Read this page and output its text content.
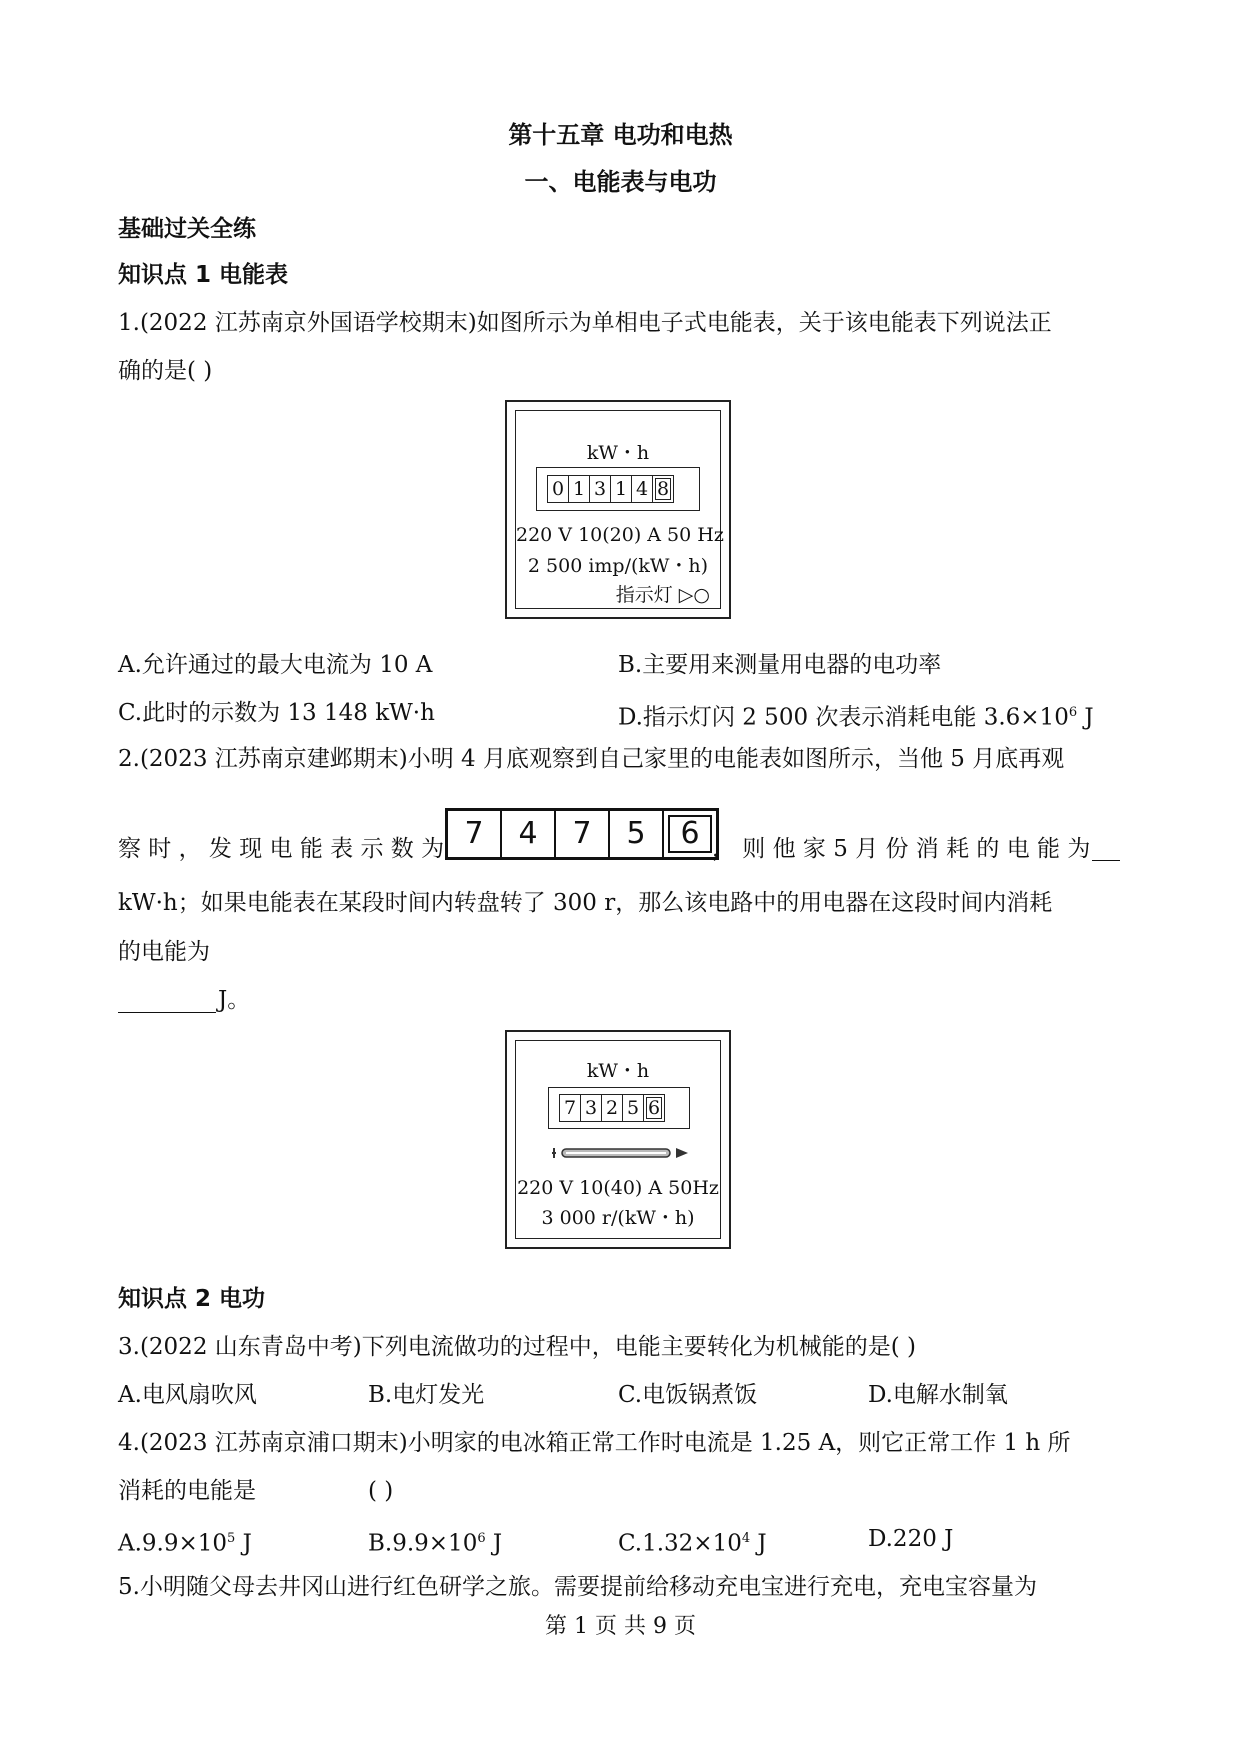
第十五章 电功和电热
一、电能表与电功
基础过关全练
知识点 1 电能表
1.(2022 江苏南京外国语学校期末)如图所示为单相电子式电能表，关于该电能表下列说法正
确的是( )
kW・h
0 1 3 1 4 8
220 V 10(20) A 50 Hz
2 500 imp/(kW・h)
指示灯 ▷○
A.允许通过的最大电流为 10 A	B.主要用来测量用电器的电功率
C.此时的示数为 13 148 kW·h	D.指示灯闪 2 500 次表示消耗电能 $3.6\times 10^6$ J
2.(2023 江苏南京建邺期末)小明 4 月底观察到自己家里的电能表如图所示，当他 5 月底再观
察 时 ， 发 现 电 能 表 示 数 为 7	4	7	5	6 ， 则 他 家 5 月 份 消 耗 的 电 能 为
kW·h；如果电能表在某段时间内转盘转了 300 r，那么该电路中的用电器在这段时间内消耗
的电能为
J。
kW・h
7 3 2 5 6
220 V 10(40) A 50Hz
3 000 r/(kW・h)
知识点 2 电功
3.(2022 山东青岛中考)下列电流做功的过程中，电能主要转化为机械能的是( )
A.电风扇吹风	B.电灯发光	C.电饭锅煮饭	D.电解水制氧
4.(2023 江苏南京浦口期末)小明家的电冰箱正常工作时电流是 1.25 A，则它正常工作 1 h 所
消耗的电能是	( )
$A.9.9\times 10^5$ J	$B.9.9\times 10^6$ J	$C.1.32\times 10^4$ J	D.220 J
5.小明随父母去井冈山进行红色研学之旅。需要提前给移动充电宝进行充电，充电宝容量为
第 1 页 共 9 页
